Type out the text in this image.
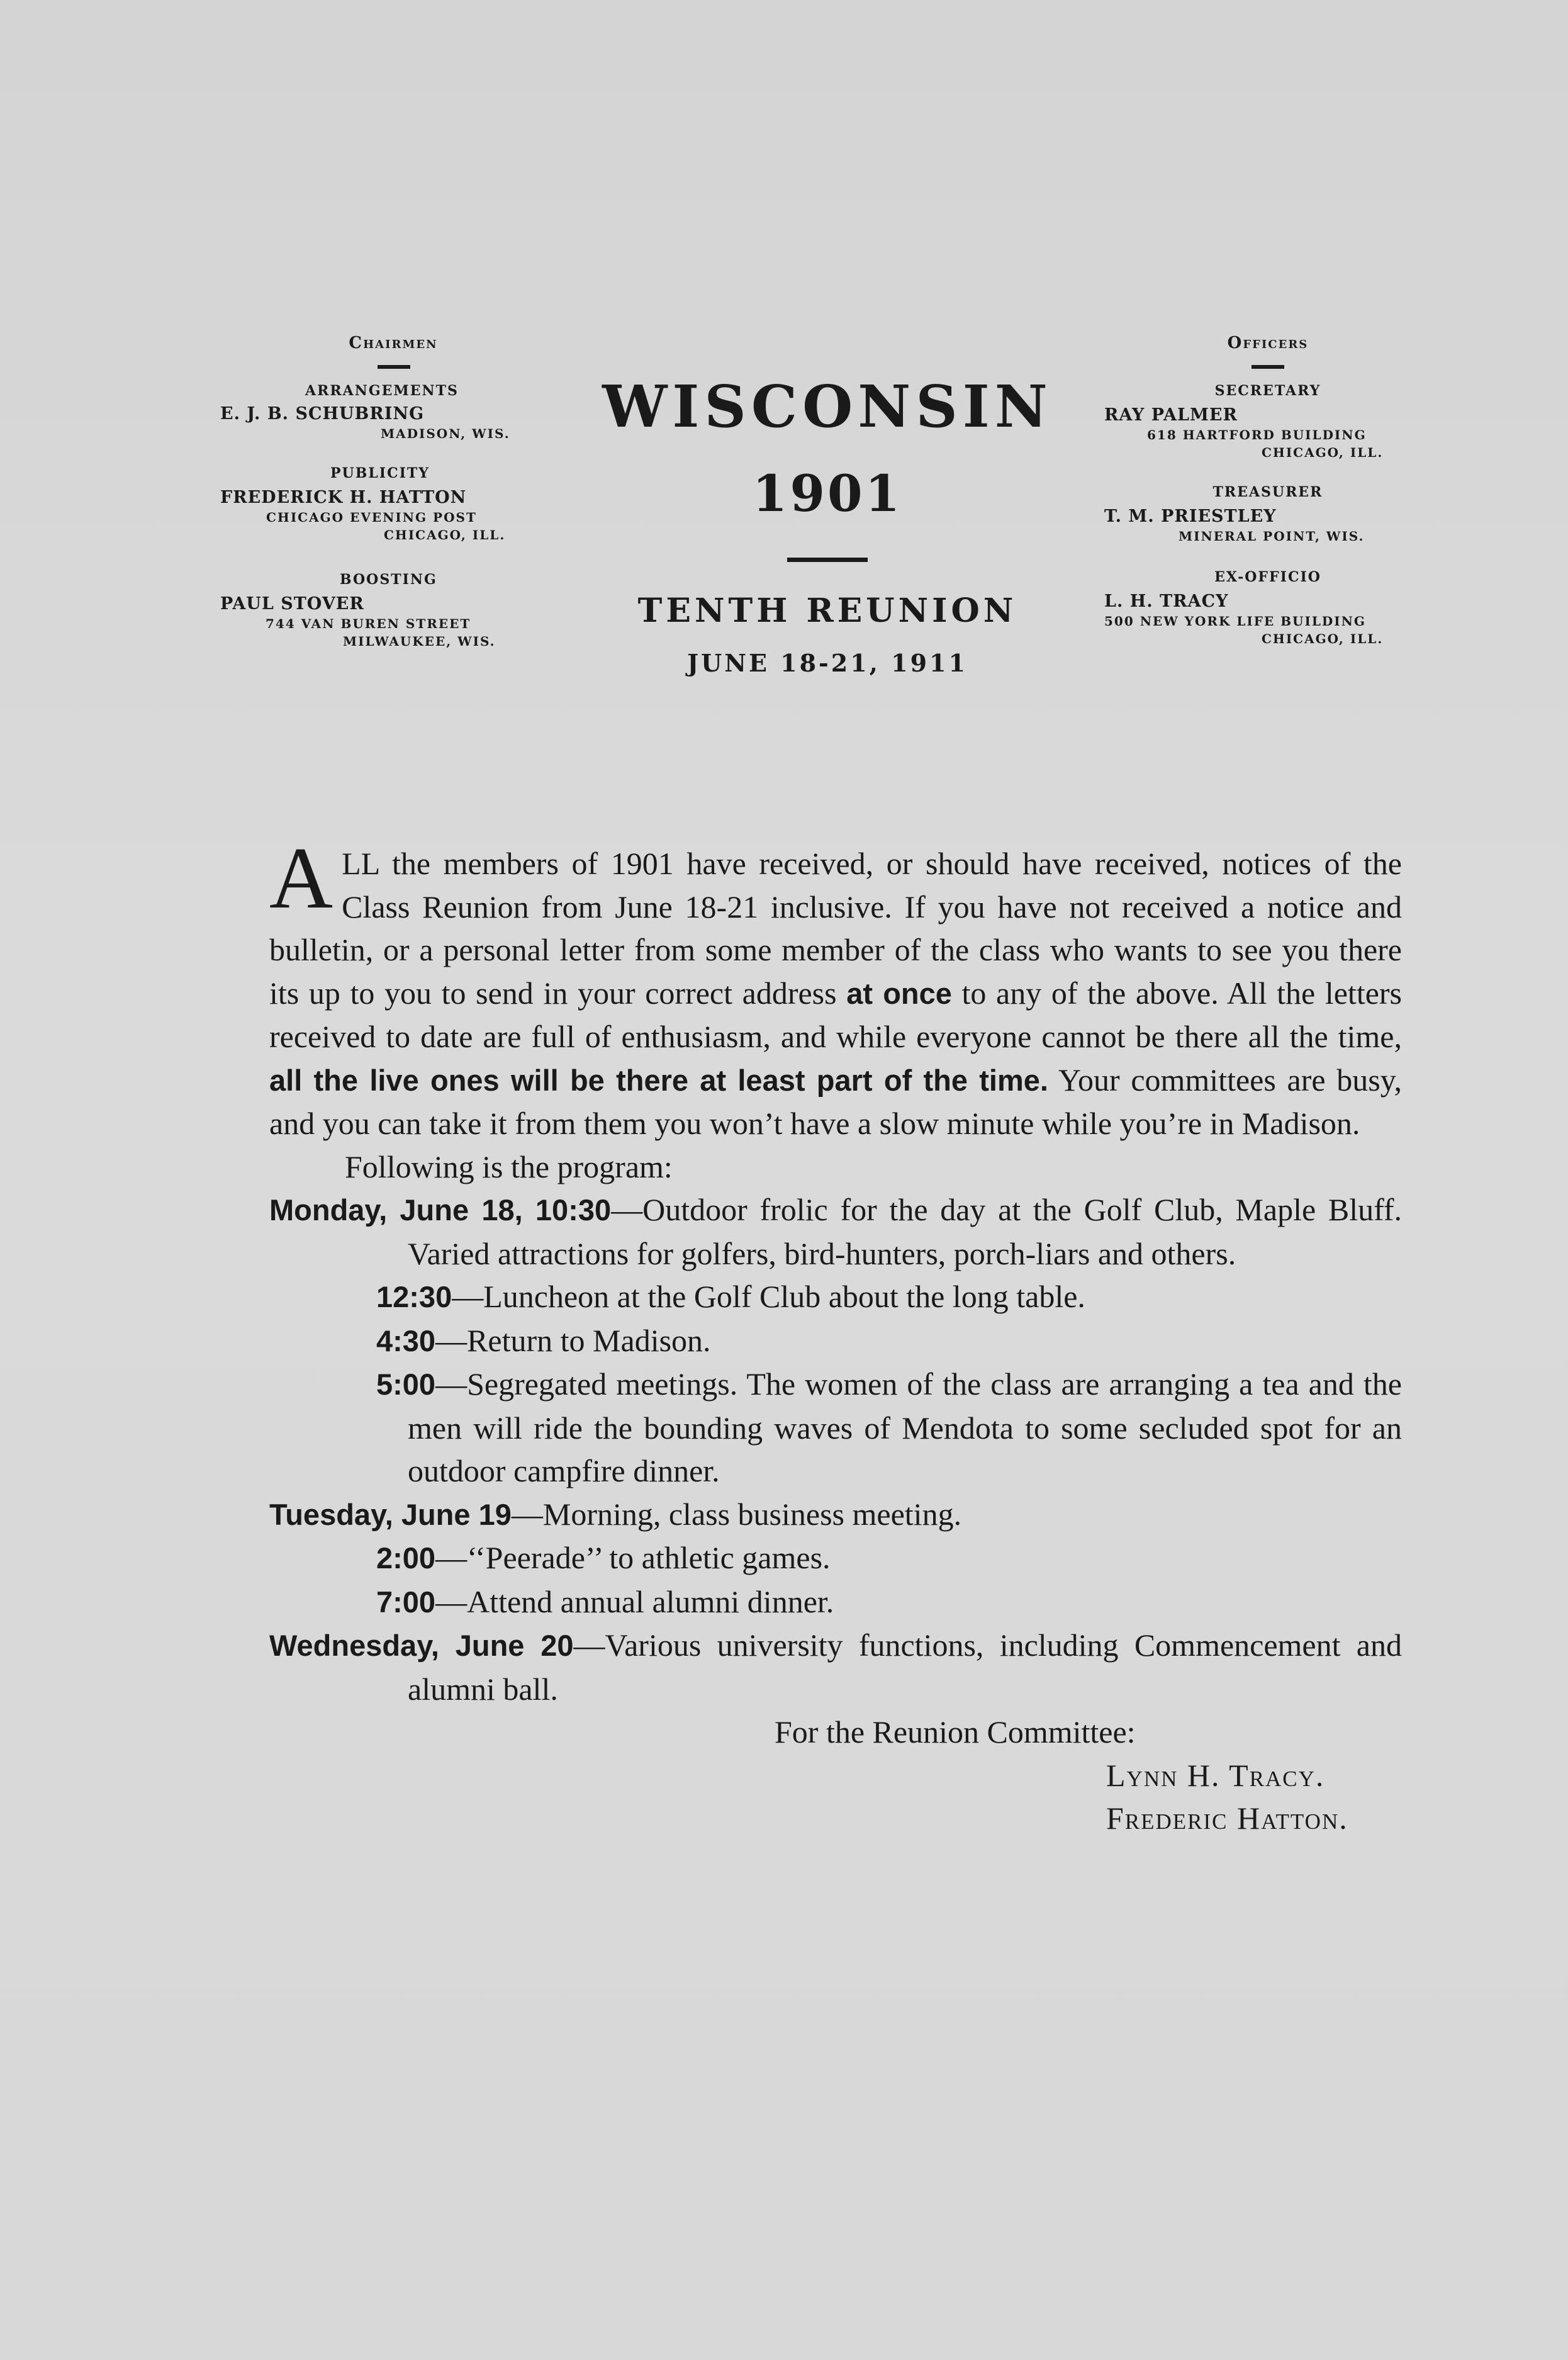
Chairmen
ARRANGEMENTS
E. J. B. SCHUBRING
MADISON, WIS.
PUBLICITY
FREDERICK H. HATTON
CHICAGO EVENING POST
CHICAGO, ILL.
BOOSTING
PAUL STOVER
744 VAN BUREN STREET
MILWAUKEE, WIS.
WISCONSIN
1901
TENTH REUNION
JUNE 18-21, 1911
Officers
SECRETARY
RAY PALMER
618 HARTFORD BUILDING
CHICAGO, ILL.
TREASURER
T. M. PRIESTLEY
MINERAL POINT, WIS.
EX-OFFICIO
L. H. TRACY
500 NEW YORK LIFE BUILDING
CHICAGO, ILL.

ALL the members of 1901 have received, or should have received, notices of the Class Reunion from June 18-21 inclusive. If you have not received a notice and bulletin, or a personal letter from some member of the class who wants to see you there its up to you to send in your correct address at once to any of the above. All the letters received to date are full of enthusiasm, and while everyone cannot be there all the time, all the live ones will be there at least part of the time. Your committees are busy, and you can take it from them you won’t have a slow minute while you’re in Madison.

Following is the program:

Monday, June 18, 10:30—Outdoor frolic for the day at the Golf Club, Maple Bluff. Varied attractions for golfers, bird-hunters, porch-liars and others.

12:30—Luncheon at the Golf Club about the long table.

4:30—Return to Madison.

5:00—Segregated meetings. The women of the class are arranging a tea and the men will ride the bounding waves of Mendota to some secluded spot for an outdoor campfire dinner.

Tuesday, June 19—Morning, class business meeting.

2:00—‘‘Peerade’’ to athletic games.

7:00—Attend annual alumni dinner.

Wednesday, June 20—Various university functions, including Commencement and alumni ball.

For the Reunion Committee:
Lynn H. Tracy.
Frederic Hatton.
